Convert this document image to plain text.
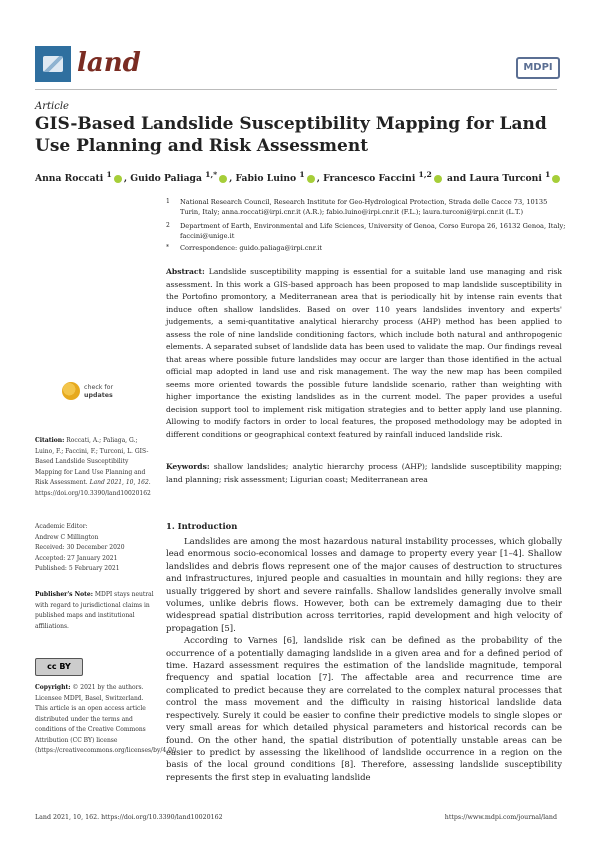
land	MDPI
Article
GIS-Based Landslide Susceptibility Mapping for Land Use Planning and Risk Assessment
Anna Roccati $^1$ , Guido Paliaga $^{1,*}$ , Fabio Luino $^1$ , Francesco Faccini $^{1,2}$ and Laura Turconi $^1$
1 National Research Council, Research Institute for Geo-Hydrological Protection, Strada delle Cacce 73, 10135 Turin, Italy; anna.roccati@irpi.cnr.it (A.R.); fabio.luino@irpi.cnr.it (F.L.); laura.turconi@irpi.cnr.it (L.T.)
2 Department of Earth, Environmental and Life Sciences, University of Genoa, Corso Europa 26, 16132 Genoa, Italy; faccini@unige.it
* Correspondence: guido.paliaga@irpi.cnr.it
Abstract: Landslide susceptibility mapping is essential for a suitable land use managing and risk assessment. In this work a GIS-based approach has been proposed to map landslide susceptibility in the Portofino promontory, a Mediterranean area that is periodically hit by intense rain events that induce often shallow landslides. Based on over 110 years landslides inventory and experts' judgements, a semi-quantitative analytical hierarchy process (AHP) method has been applied to assess the role of nine landslide conditioning factors, which include both natural and anthropogenic elements. A separated subset of landslide data has been used to validate the map. Our findings reveal that areas where possible future landslides may occur are larger than those identified in the actual official map adopted in land use and risk management. The way the new map has been compiled seems more oriented towards the possible future landslide scenario, rather than weighting with higher importance the existing landslides as in the current model. The paper provides a useful decision support tool to implement risk mitigation strategies and to better apply land use planning. Allowing to modify factors in order to local features, the proposed methodology may be adopted in different conditions or geographical context featured by rainfall induced landslide risk.
Keywords: shallow landslides; analytic hierarchy process (AHP); landslide susceptibility mapping; land planning; risk assessment; Ligurian coast; Mediterranean area
check for
updates
Citation: Roccati, A.; Paliaga, G.; Luino, F.; Faccini, F.; Turconi, L. GIS-Based Landslide Susceptibility Mapping for Land Use Planning and Risk Assessment. Land 2021, 10, 162. https://doi.org/10.3390/land10020162
Academic Editor:
Andrew C Millington
Received: 30 December 2020
Accepted: 27 January 2021
Published: 5 February 2021
Publisher's Note: MDPI stays neutral with regard to jurisdictional claims in published maps and institutional affiliations.
cc BY
Copyright: © 2021 by the authors. Licensee MDPI, Basel, Switzerland. This article is an open access article distributed under the terms and conditions of the Creative Commons Attribution (CC BY) license (https://creativecommons.org/licenses/by/4.0/).
1. Introduction

Landslides are among the most hazardous natural instability processes, which globally lead enormous socio-economical losses and damage to property every year [1–4]. Shallow landslides and debris flows represent one of the major causes of destruction to structures and infrastructures, injured people and casualties in mountain and hilly regions: they are usually triggered by short and severe rainfalls. Shallow landslides generally involve small volumes, unlike debris flows. However, both can be extremely damaging due to their widespread spatial distribution across territories, rapid development and high velocity of propagation [5].

According to Varnes [6], landslide risk can be defined as the probability of the occurrence of a potentially damaging landslide in a given area and for a defined period of time. Hazard assessment requires the estimation of the landslide magnitude, temporal frequency and spatial location [7]. The affectable area and recurrence time are complicated to predict because they are correlated to the complex natural processes that control the mass movement and the difficulty in raising historical landslide data respectively. Surely it could be easier to confine their predictive models to single slopes or very small areas for which detailed physical parameters and historical records can be found. On the other hand, the spatial distribution of potentially unstable areas can be easier to predict by assessing the likelihood of landslide occurrence in a region on the basis of the local ground conditions [8]. Therefore, assessing landslide susceptibility represents the first step in evaluating landslide

Land 2021, 10, 162. https://doi.org/10.3390/land10020162	https://www.mdpi.com/journal/land
